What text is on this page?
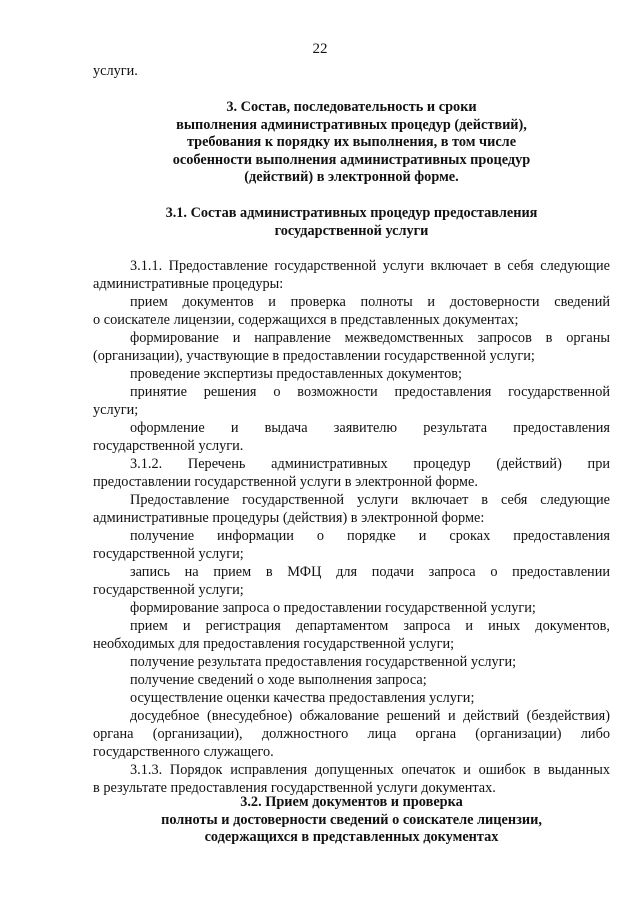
22
услуги.
3. Состав, последовательность и сроки
выполнения административных процедур (действий),
требования к порядку их выполнения, в том числе
особенности выполнения административных процедур
(действий) в электронной форме.
3.1. Состав административных процедур предоставления
государственной услуги

3.1.1. Предоставление государственной услуги включает в себя следующие

административные процедуры:

прием документов и проверка полноты и достоверности сведений

о соискателе лицензии, содержащихся в представленных документах;

формирование и направление межведомственных запросов в органы

(организации), участвующие в предоставлении государственной услуги;

проведение экспертизы предоставленных документов;

принятие решения о возможности предоставления государственной

услуги;

оформление и выдача заявителю результата предоставления

государственной услуги.

3.1.2. Перечень административных процедур (действий) при

предоставлении государственной услуги в электронной форме.

Предоставление государственной услуги включает в себя следующие

административные процедуры (действия) в электронной форме:

получение информации о порядке и сроках предоставления

государственной услуги;

запись на прием в МФЦ для подачи запроса о предоставлении

государственной услуги;

формирование запроса о предоставлении государственной услуги;

прием и регистрация департаментом запроса и иных документов,

необходимых для предоставления государственной услуги;

получение результата предоставления государственной услуги;

получение сведений о ходе выполнения запроса;

осуществление оценки качества предоставления услуги;

досудебное (внесудебное) обжалование решений и действий (бездействия)

органа (организации), должностного лица органа (организации) либо

государственного служащего.

3.1.3. Порядок исправления допущенных опечаток и ошибок в выданных

в результате предоставления государственной услуги документах.

3.2. Прием документов и проверка
полноты и достоверности сведений о соискателе лицензии,
содержащихся в представленных документах
